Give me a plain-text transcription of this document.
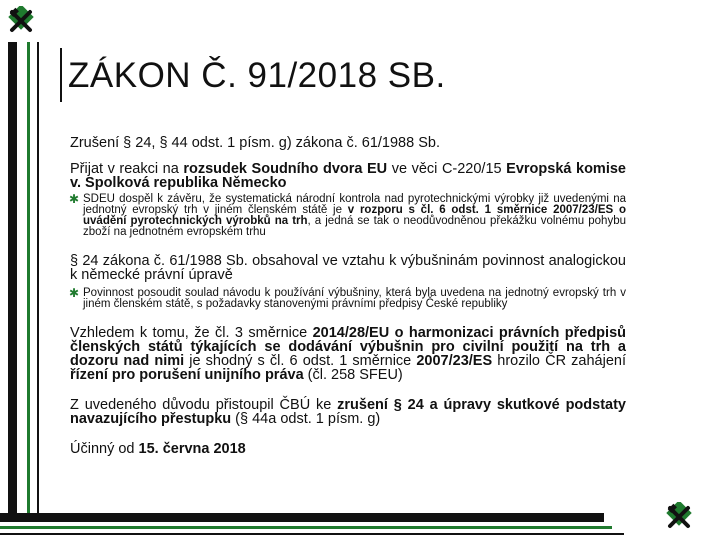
ZÁKON Č. 91/2018 SB.

Zrušení § 24, § 44 odst. 1 písm. g) zákona č. 61/1988 Sb.

Přijat v reakci na rozsudek Soudního dvora EU ve věci C-220/15 Evropská komise v. Spolková republika Německo

✱ SDEU dospěl k závěru, že systematická národní kontrola nad pyrotechnickými výrobky již uvedenými na jednotný evropský trh v jiném členském státě je v rozporu s čl. 6 odst. 1 směrnice 2007/23/ES o uvádění pyrotechnických výrobků na trh, a jedná se tak o neodůvodněnou překážku volnému pohybu zboží na jednotném evropském trhu

§ 24 zákona č. 61/1988 Sb. obsahoval ve vztahu k výbušninám povinnost analogickou k německé právní úpravě

✱ Povinnost posoudit soulad návodu k používání výbušniny, která byla uvedena na jednotný evropský trh v jiném členském státě, s požadavky stanovenými právními předpisy České republiky

Vzhledem k tomu, že čl. 3 směrnice 2014/28/EU o harmonizaci právních předpisů členských států týkajících se dodávání výbušnin pro civilní použití na trh a dozoru nad nimi je shodný s čl. 6 odst. 1 směrnice 2007/23/ES hrozilo ČR zahájení řízení pro porušení unijního práva (čl. 258 SFEU)

Z uvedeného důvodu přistoupil ČBÚ ke zrušení § 24 a úpravy skutkové podstaty navazujícího přestupku (§ 44a odst. 1 písm. g)

Účinný od 15. června 2018
